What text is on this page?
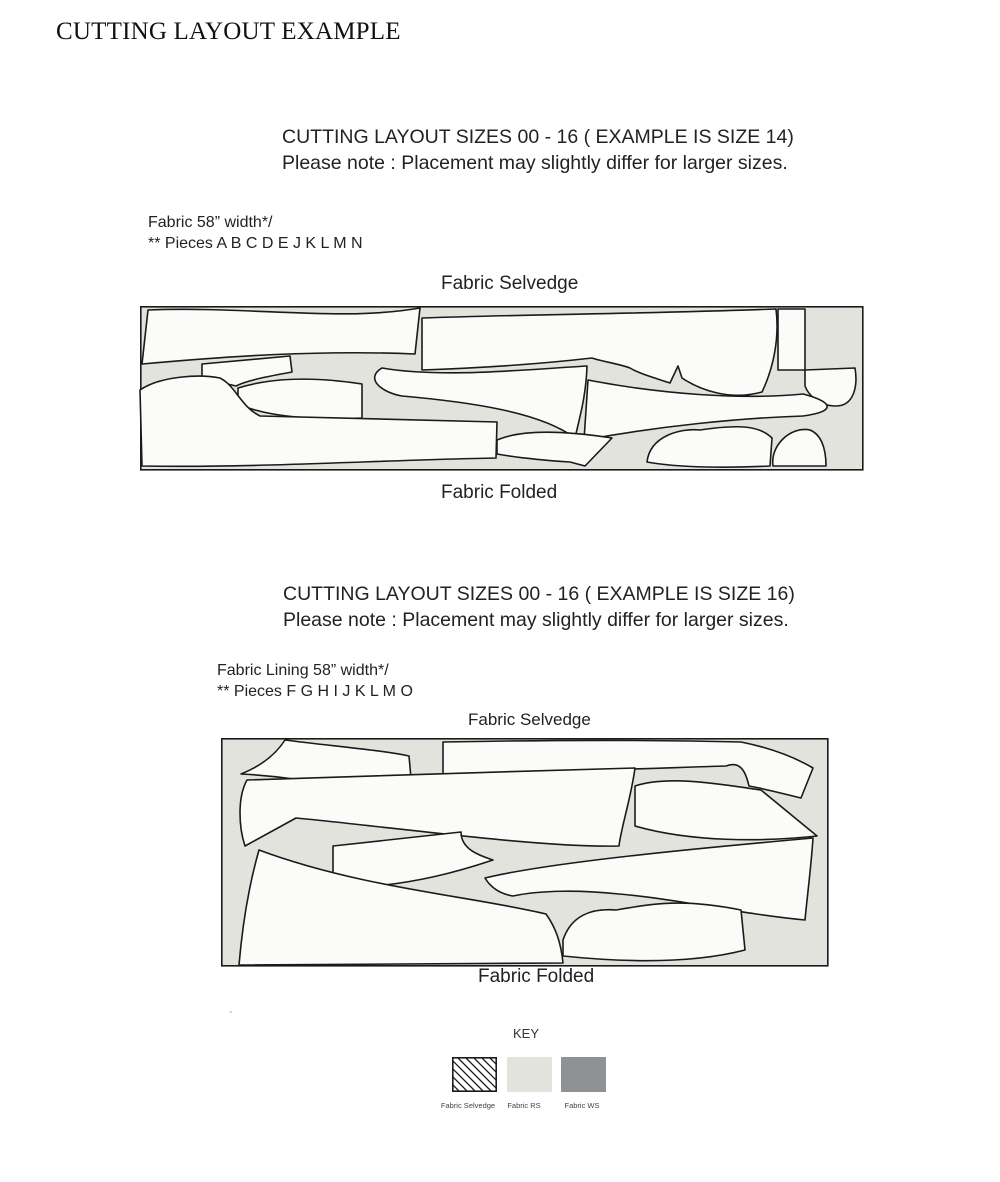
CUTTING LAYOUT EXAMPLE
CUTTING LAYOUT SIZES 00 - 16 ( EXAMPLE IS SIZE 14)
Please note : Placement may slightly differ for larger sizes.
Fabric 58” width*/
** Pieces A B C D E J K L M N
Fabric Selvedge
Fabric Folded
CUTTING LAYOUT SIZES 00 - 16 ( EXAMPLE IS SIZE 16)
Please note : Placement may slightly differ for larger sizes.
Fabric Lining 58” width*/
** Pieces F G H I J K L M O
Fabric Selvedge
Fabric Folded
-
KEY
Fabric Selvedge	Fabric RS	Fabric WS
